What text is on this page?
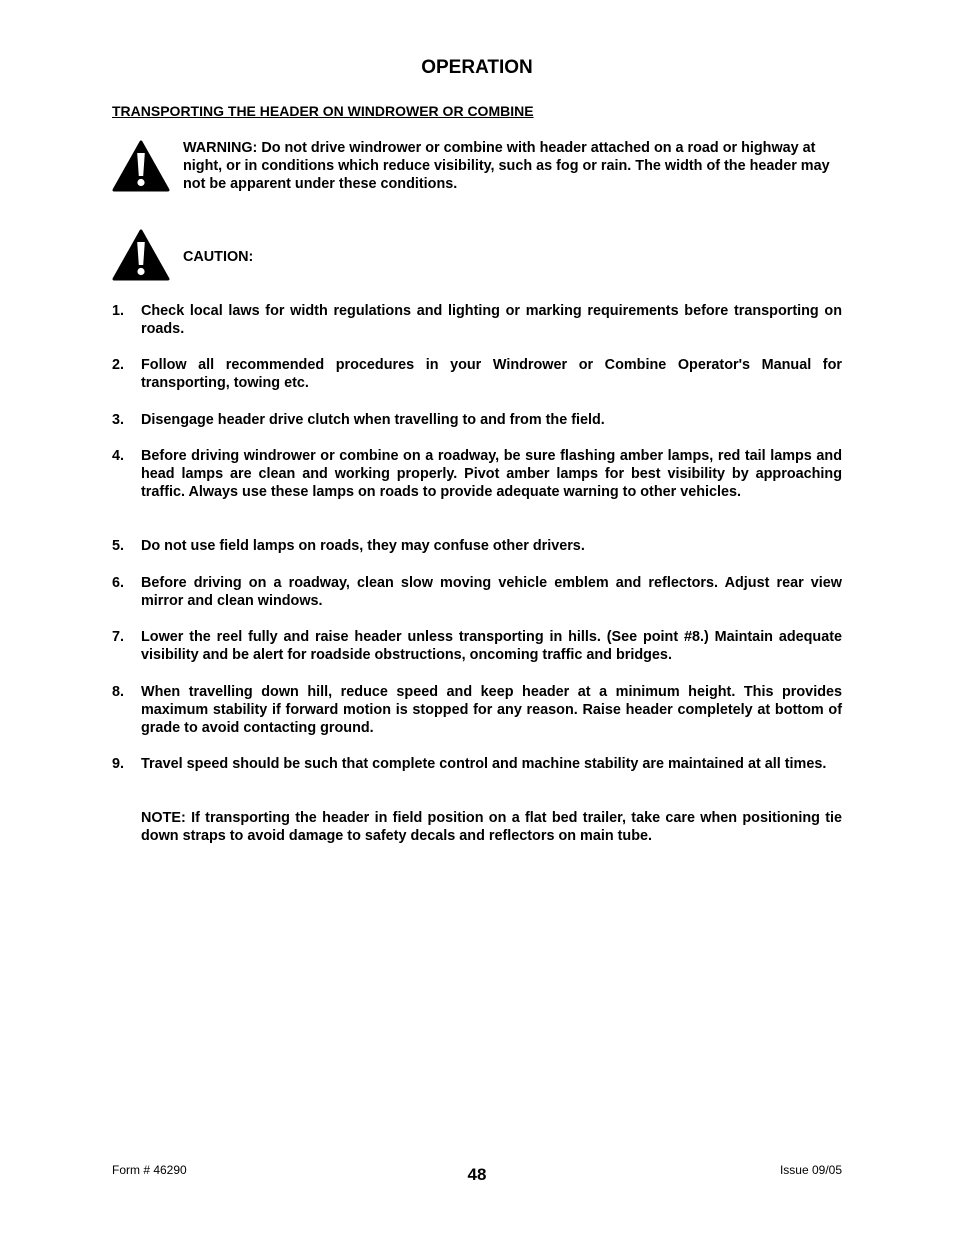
OPERATION
TRANSPORTING THE HEADER ON WINDROWER OR COMBINE
WARNING: Do not drive windrower or combine with header attached on a road or highway at night, or in conditions which reduce visibility, such as fog or rain. The width of the header may not be apparent under these conditions.
CAUTION:
1.	Check local laws for width regulations and lighting or marking requirements before transporting on roads.
2.	Follow all recommended procedures in your Windrower or Combine Operator's Manual for transporting, towing etc.
3.	Disengage header drive clutch when travelling to and from the field.
4.	Before driving windrower or combine on a roadway, be sure flashing amber lamps, red tail lamps and head lamps are clean and working properly. Pivot amber lamps for best visibility by approaching traffic. Always use these lamps on roads to provide adequate warning to other vehicles.
5.	Do not use field lamps on roads, they may confuse other drivers.
6.	Before driving on a roadway, clean slow moving vehicle emblem and reflectors. Adjust rear view mirror and clean windows.
7.	Lower the reel fully and raise header unless transporting in hills. (See point #8.) Maintain adequate visibility and be alert for roadside obstructions, oncoming traffic and bridges.
8.	When travelling down hill, reduce speed and keep header at a minimum height. This provides maximum stability if forward motion is stopped for any reason. Raise header completely at bottom of grade to avoid contacting ground.
9.	Travel speed should be such that complete control and machine stability are maintained at all times.
NOTE: If transporting the header in field position on a flat bed trailer, take care when positioning tie down straps to avoid damage to safety decals and reflectors on main tube.
Form # 46290	48	Issue 09/05
